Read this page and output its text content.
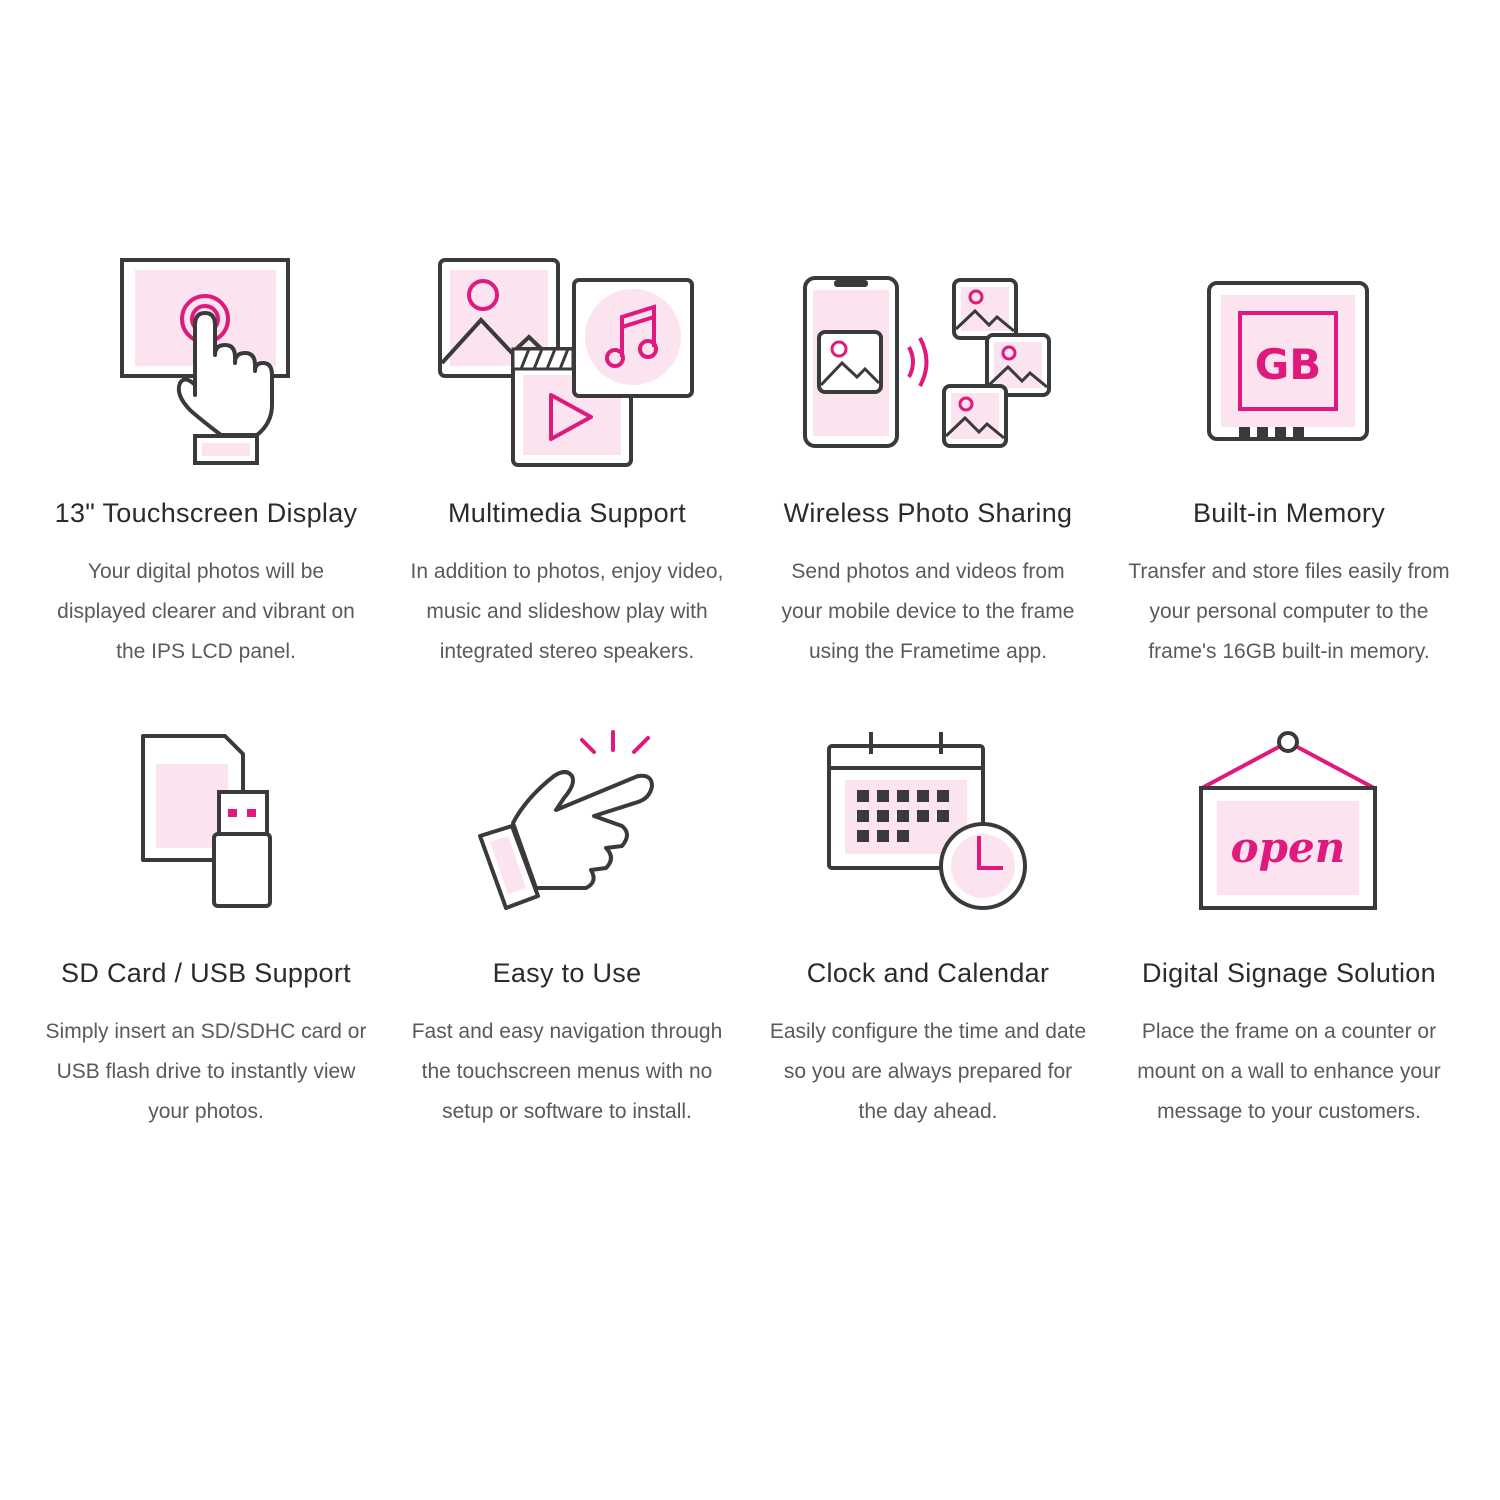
13" Touchscreen Display
Your digital photos will be
displayed clearer and vibrant on
the IPS LCD panel.
Multimedia Support
In addition to photos, enjoy video,
music and slideshow play with
integrated stereo speakers.
Wireless Photo Sharing
Send photos and videos from
your mobile device to the frame
using the Frametime app.
GB
Built-in Memory
Transfer and store files easily from
your personal computer to the
frame's 16GB built-in memory.
SD Card / USB Support
Simply insert an SD/SDHC card or
USB flash drive to instantly view
your photos.
Easy to Use
Fast and easy navigation through
the touchscreen menus with no
setup or software to install.
Clock and Calendar
Easily configure the time and date
so you are always prepared for
the day ahead.
open
Digital Signage Solution
Place the frame on a counter or
mount on a wall to enhance your
message to your customers.
